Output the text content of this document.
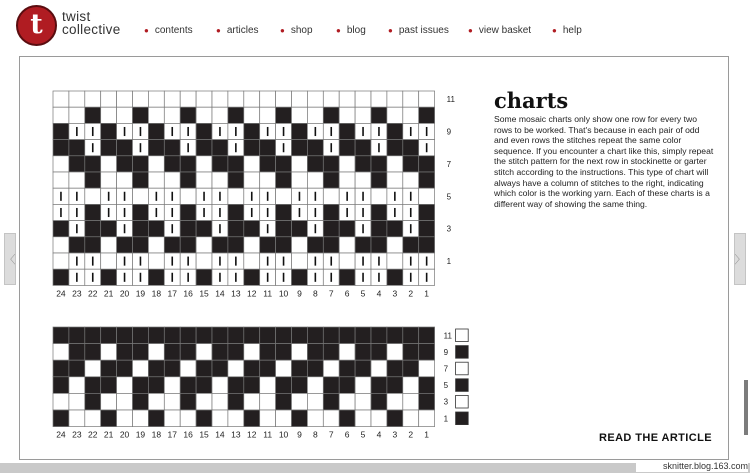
t	twist
collective	● contents	● articles	● shop	● blog	● past issues ● view basket	● help
〈	〉
24 23 22 21 20 19 18 17 16 15 14 13 12 11 10 9 8 7 6 5 4 3 2 1
11
9
7
5
3
1
24 23 22 21 20 19 18 17 16 15 14 13 12 11 10 9 8 7 6 5 4 3 2 1
11
9
7
5
3
1
charts
Some mosaic charts only show one row for every two rows to be worked. That's because in each pair of odd and even rows the stitches repeat the same color sequence. If you encounter a chart like this, simply repeat the stitch pattern for the next row in stockinette or garter stitch according to the instructions. This type of chart will always have a column of stitches to the right, indicating which color is the working yarn. Each of these charts is a different way of showing the same thing.
READ THE ARTICLE
sknitter.blog.163.com
